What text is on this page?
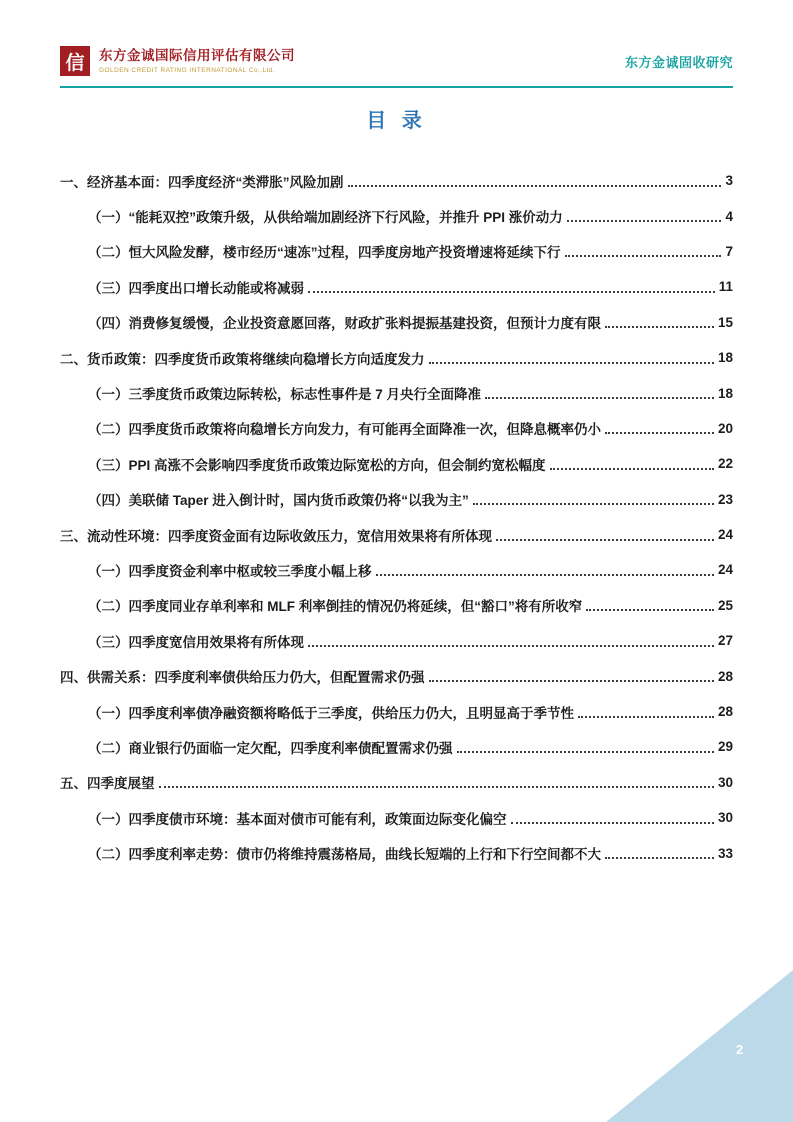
信 东方金诚国际信用评估有限公司
GOLDEN CREDIT RATING INTERNATIONAL Co.,Ltd.
东方金诚固收研究
目 录
一、经济基本面：四季度经济“类滞胀”风险加剧	3
（一）“能耗双控”政策升级，从供给端加剧经济下行风险，并推升 PPI 涨价动力	4
（二）恒大风险发酵，楼市经历“速冻”过程，四季度房地产投资增速将延续下行	7
（三）四季度出口增长动能或将减弱	11
（四）消费修复缓慢，企业投资意愿回落，财政扩张料提振基建投资，但预计力度有限	15
二、货币政策：四季度货币政策将继续向稳增长方向适度发力	18
（一）三季度货币政策边际转松，标志性事件是 7 月央行全面降准	18
（二）四季度货币政策将向稳增长方向发力，有可能再全面降准一次，但降息概率仍小	20
（三）PPI 高涨不会影响四季度货币政策边际宽松的方向，但会制约宽松幅度	22
（四）美联储 Taper 进入倒计时，国内货币政策仍将“以我为主”	23
三、流动性环境：四季度资金面有边际收敛压力，宽信用效果将有所体现	24
（一）四季度资金利率中枢或较三季度小幅上移	24
（二）四季度同业存单利率和 MLF 利率倒挂的情况仍将延续，但“豁口”将有所收窄	25
（三）四季度宽信用效果将有所体现	27
四、供需关系：四季度利率债供给压力仍大，但配置需求仍强	28
（一）四季度利率债净融资额将略低于三季度，供给压力仍大，且明显高于季节性	28
（二）商业银行仍面临一定欠配，四季度利率债配置需求仍强	29
五、四季度展望	30
（一）四季度债市环境：基本面对债市可能有利，政策面边际变化偏空	30
（二）四季度利率走势：债市仍将维持震荡格局，曲线长短端的上行和下行空间都不大	33
2
